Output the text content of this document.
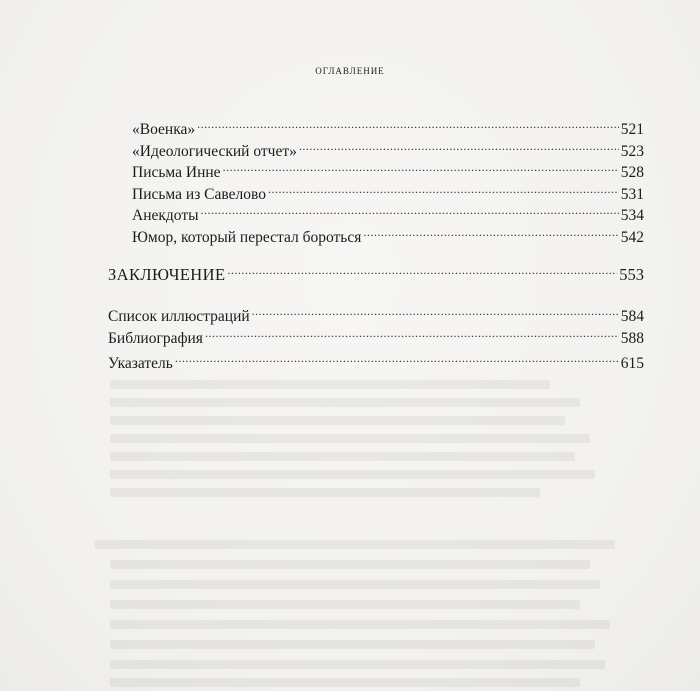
оглавление
«Военка» .....	521
«Идеологический отчет» .....	523
Письма Инне .....	528
Письма из Савелово .....	531
Анекдоты .....	534
Юмор, который перестал бороться .....	542
ЗАКЛЮЧЕНИЕ .....	553
Список иллюстраций .....	584
Библиография .....	588
Указатель .....	615
